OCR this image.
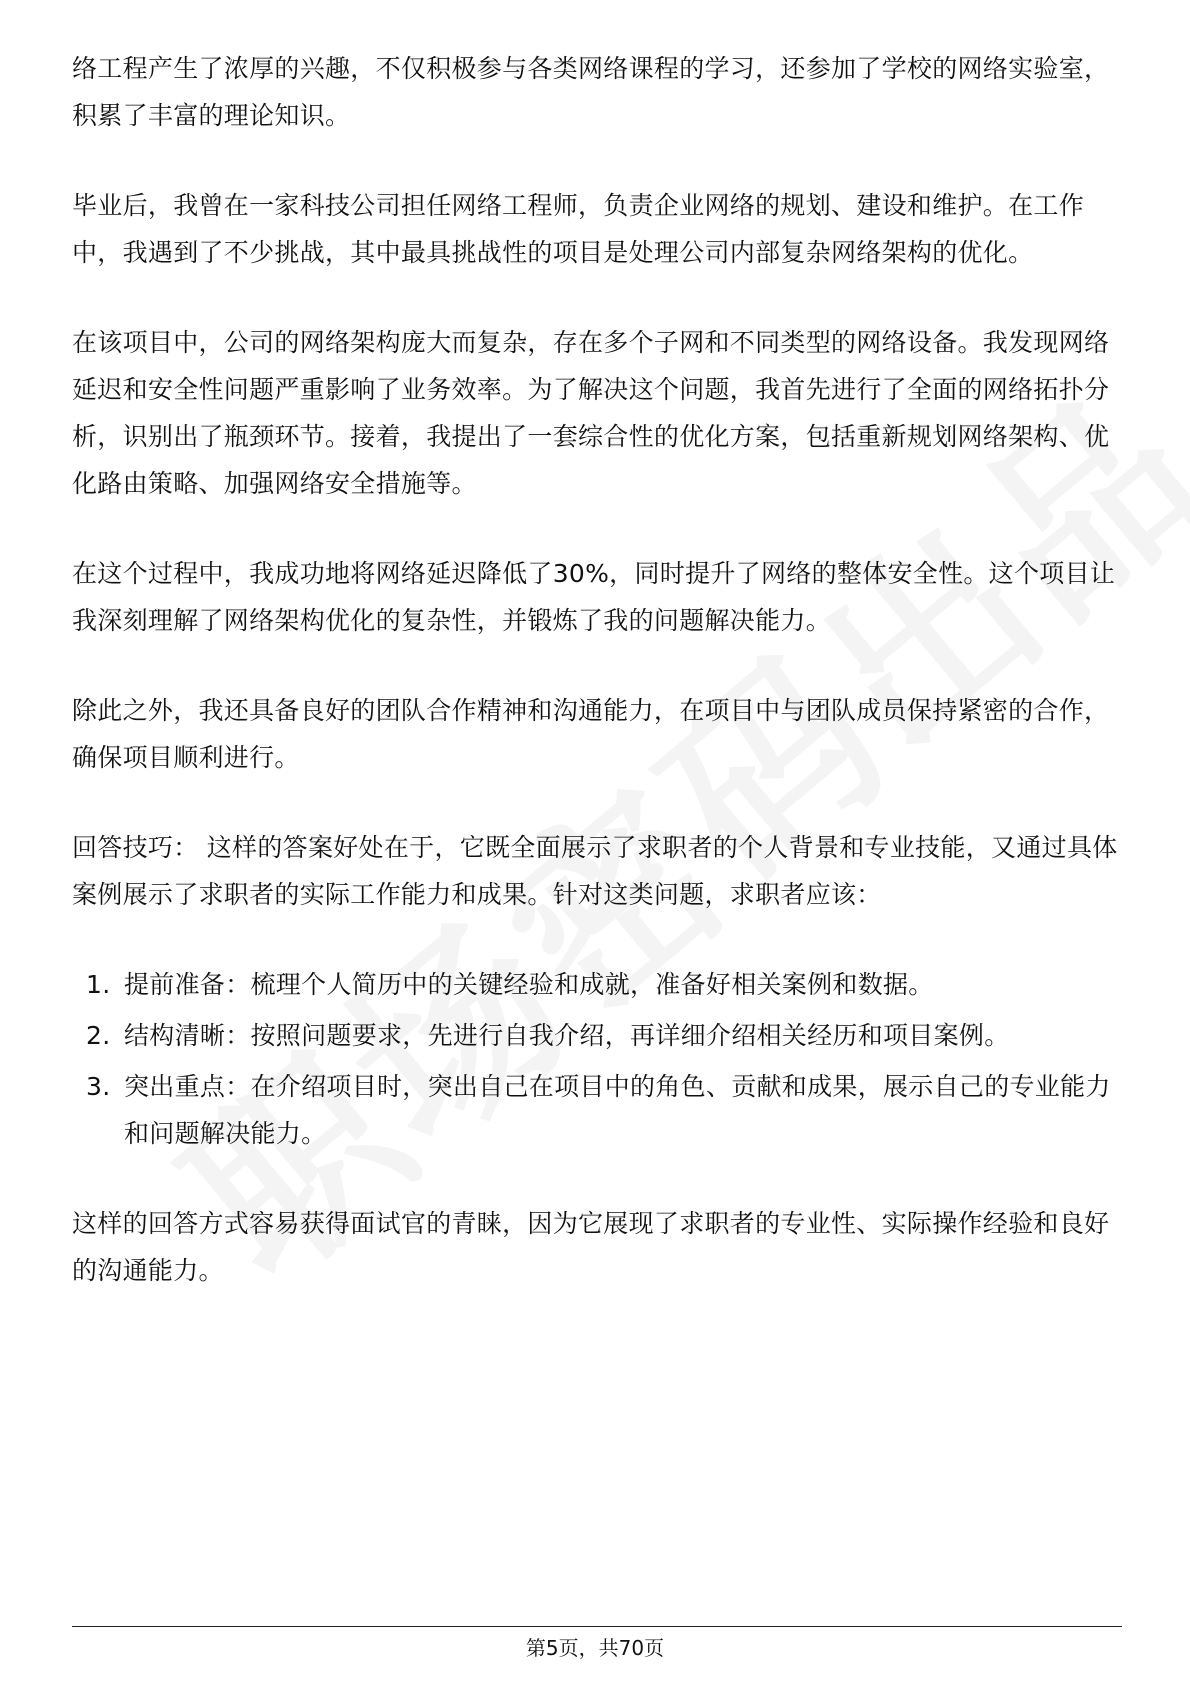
络工程产生了浓厚的兴趣，不仅积极参与各类网络课程的学习，还参加了学校的网络实验室，积累了丰富的理论知识。

毕业后，我曾在一家科技公司担任网络工程师，负责企业网络的规划、建设和维护。在工作中，我遇到了不少挑战，其中最具挑战性的项目是处理公司内部复杂网络架构的优化。

在该项目中，公司的网络架构庞大而复杂，存在多个子网和不同类型的网络设备。我发现网络延迟和安全性问题严重影响了业务效率。为了解决这个问题，我首先进行了全面的网络拓扑分析，识别出了瓶颈环节。接着，我提出了一套综合性的优化方案，包括重新规划网络架构、优化路由策略、加强网络安全措施等。

在这个过程中，我成功地将网络延迟降低了30%，同时提升了网络的整体安全性。这个项目让我深刻理解了网络架构优化的复杂性，并锻炼了我的问题解决能力。

除此之外，我还具备良好的团队合作精神和沟通能力，在项目中与团队成员保持紧密的合作，确保项目顺利进行。

回答技巧： 这样的答案好处在于，它既全面展示了求职者的个人背景和专业技能，又通过具体案例展示了求职者的实际工作能力和成果。针对这类问题，求职者应该：

1. 提前准备：梳理个人简历中的关键经验和成就，准备好相关案例和数据。
2. 结构清晰：按照问题要求，先进行自我介绍，再详细介绍相关经历和项目案例。
3. 突出重点：在介绍项目时，突出自己在项目中的角色、贡献和成果，展示自己的专业能力和问题解决能力。

这样的回答方式容易获得面试官的青睐，因为它展现了求职者的专业性、实际操作经验和良好的沟通能力。

第5页，共70页
